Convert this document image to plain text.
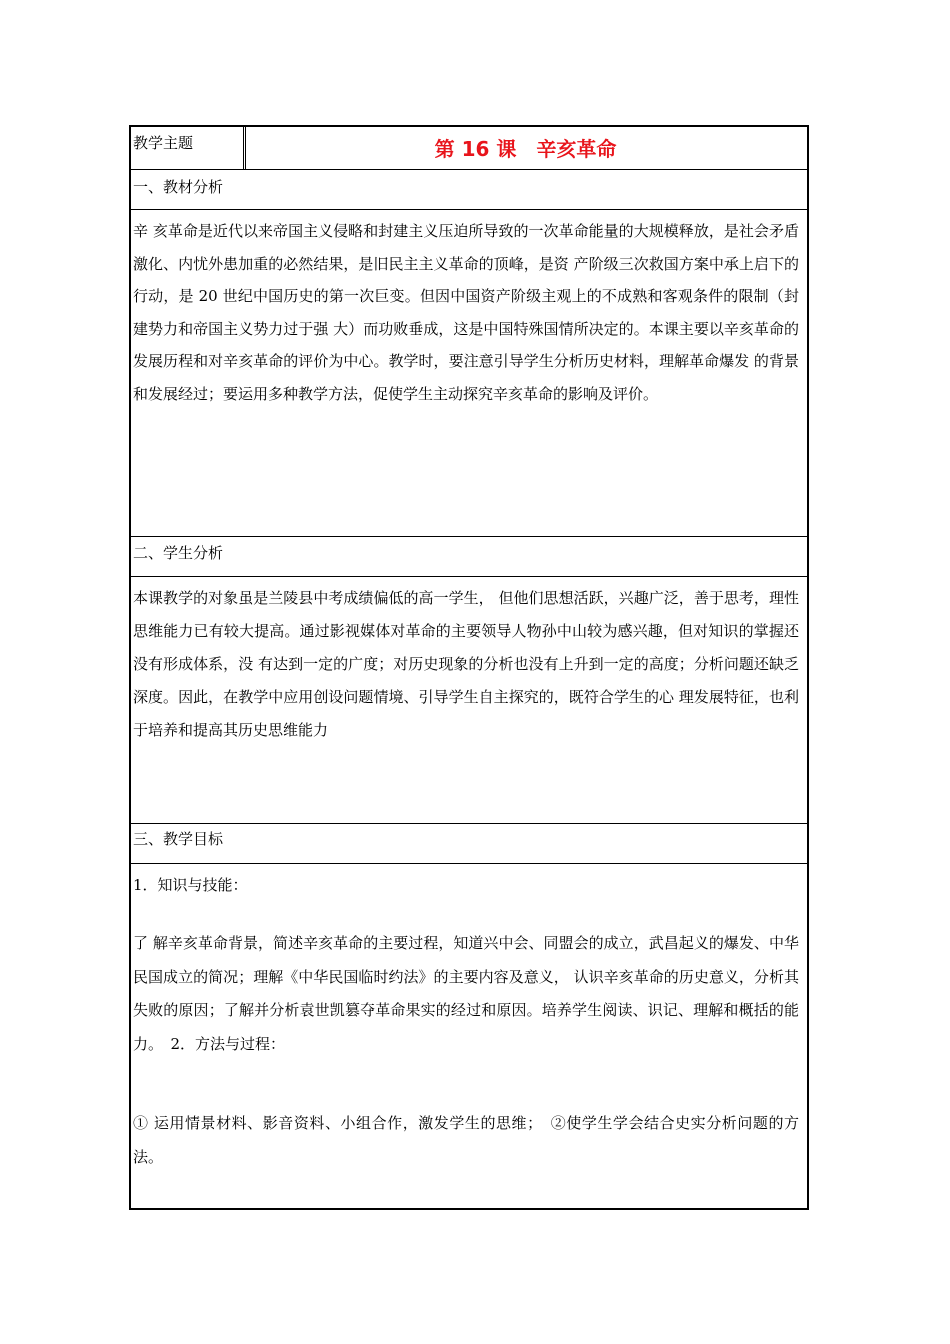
教学主题	第 16 课　辛亥革命
一、教材分析
辛 亥革命是近代以来帝国主义侵略和封建主义压迫所导致的一次革命能量的大规模释放，是社会矛盾激化、内忧外患加重的必然结果，是旧民主主义革命的顶峰，是资 产阶级三次救国方案中承上启下的行动，是 20 世纪中国历史的第一次巨变。但因中国资产阶级主观上的不成熟和客观条件的限制（封建势力和帝国主义势力过于强 大）而功败垂成，这是中国特殊国情所决定的。本课主要以辛亥革命的发展历程和对辛亥革命的评价为中心。教学时，要注意引导学生分析历史材料，理解革命爆发 的背景和发展经过；要运用多种教学方法，促使学生主动探究辛亥革命的影响及评价。
二、学生分析
本课教学的对象虽是兰陵县中考成绩偏低的高一学生， 但他们思想活跃，兴趣广泛，善于思考，理性思维能力已有较大提高。通过影视媒体对革命的主要领导人物孙中山较为感兴趣，但对知识的掌握还没有形成体系，没 有达到一定的广度；对历史现象的分析也没有上升到一定的高度；分析问题还缺乏深度。因此，在教学中应用创设问题情境、引导学生自主探究的，既符合学生的心 理发展特征，也利于培养和提高其历史思维能力
三、教学目标
1．知识与技能：
了 解辛亥革命背景，简述辛亥革命的主要过程，知道兴中会、同盟会的成立，武昌起义的爆发、中华民国成立的简况；理解《中华民国临时约法》的主要内容及意义， 认识辛亥革命的历史意义，分析其失败的原因；了解并分析袁世凯篡夺革命果实的经过和原因。培养学生阅读、识记、理解和概括的能力。　2．方法与过程：
① 运用情景材料、影音资料、小组合作，激发学生的思维；　②使学生学会结合史实分析问题的方法。
